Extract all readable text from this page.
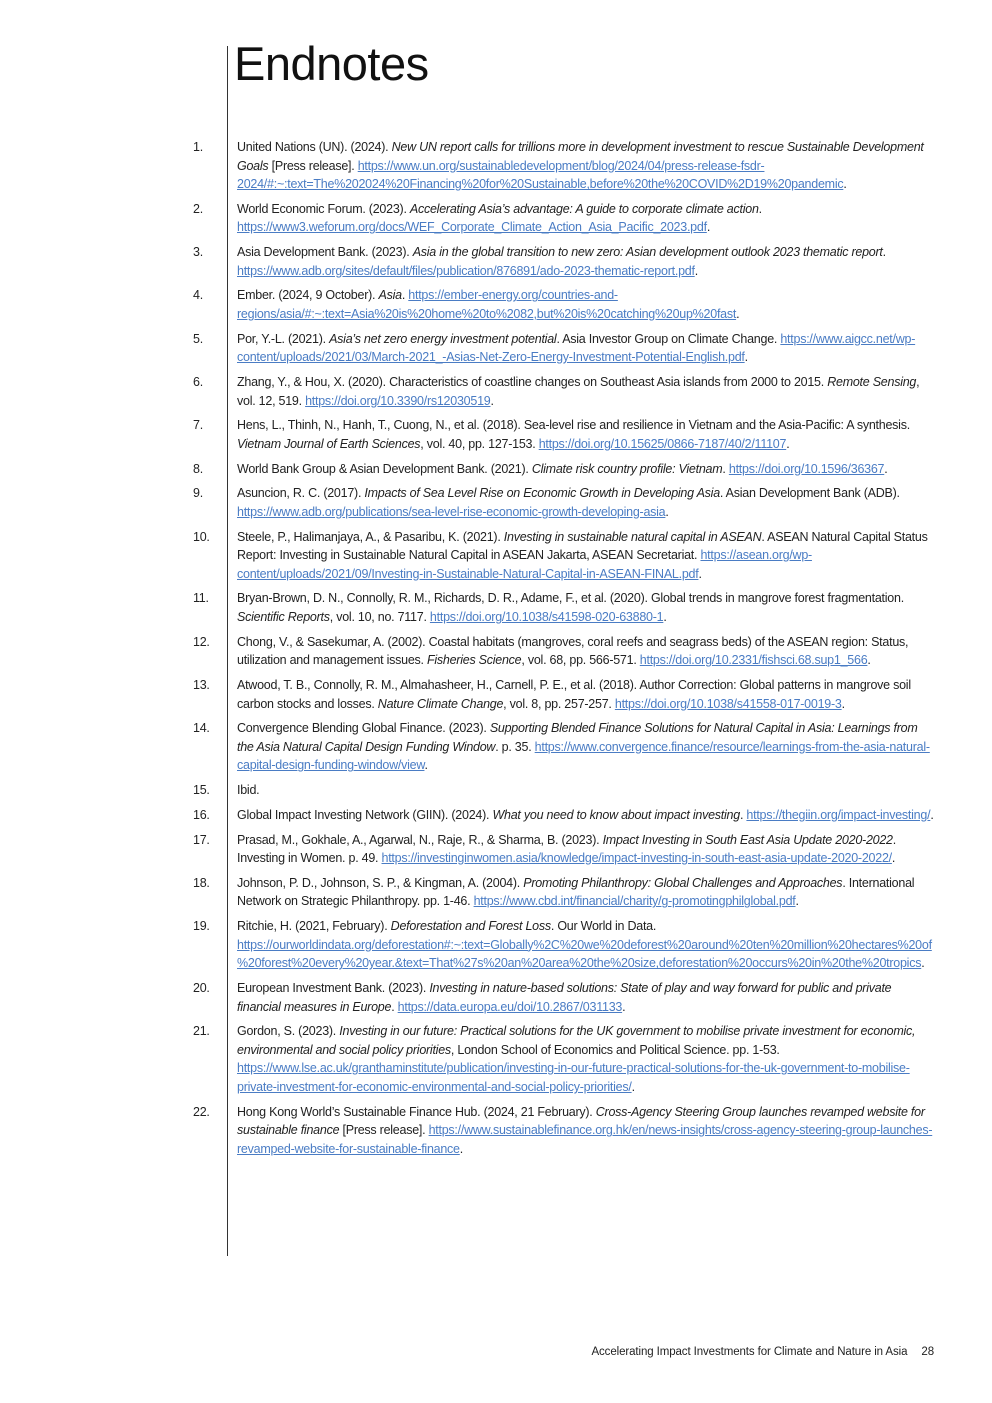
Endnotes
1.	United Nations (UN). (2024). New UN report calls for trillions more in development investment to rescue Sustainable Development Goals [Press release]. https://www.un.org/sustainabledevelopment/blog/2024/04/press-release-fsdr-2024/#:~:text=The%202024%20Financing%20for%20Sustainable,before%20the%20COVID%2D19%20pandemic.
2.	World Economic Forum. (2023). Accelerating Asia’s advantage: A guide to corporate climate action. https://www3.weforum.org/docs/WEF_Corporate_Climate_Action_Asia_Pacific_2023.pdf.
3.	Asia Development Bank. (2023). Asia in the global transition to new zero: Asian development outlook 2023 thematic report. https://www.adb.org/sites/default/files/publication/876891/ado-2023-thematic-report.pdf.
4.	Ember. (2024, 9 October). Asia. https://ember-energy.org/countries-and-regions/asia/#:~:text=Asia%20is%20home%20to%2082,but%20is%20catching%20up%20fast.
5.	Por, Y.-L. (2021). Asia’s net zero energy investment potential. Asia Investor Group on Climate Change. https://www.aigcc.net/wp-content/uploads/2021/03/March-2021_-Asias-Net-Zero-Energy-Investment-Potential-English.pdf.
6.	Zhang, Y., & Hou, X. (2020). Characteristics of coastline changes on Southeast Asia islands from 2000 to 2015. Remote Sensing, vol. 12, 519. https://doi.org/10.3390/rs12030519.
7.	Hens, L., Thinh, N., Hanh, T., Cuong, N., et al. (2018). Sea-level rise and resilience in Vietnam and the Asia-Pacific: A synthesis. Vietnam Journal of Earth Sciences, vol. 40, pp. 127-153. https://doi.org/10.15625/0866-7187/40/2/11107.
8.	World Bank Group & Asian Development Bank. (2021). Climate risk country profile: Vietnam. https://doi.org/10.1596/36367.
9.	Asuncion, R. C. (2017). Impacts of Sea Level Rise on Economic Growth in Developing Asia. Asian Development Bank (ADB). https://www.adb.org/publications/sea-level-rise-economic-growth-developing-asia.
10. Steele, P., Halimanjaya, A., & Pasaribu, K. (2021). Investing in sustainable natural capital in ASEAN. ASEAN Natural Capital Status Report: Investing in Sustainable Natural Capital in ASEAN Jakarta, ASEAN Secretariat. https://asean.org/wp-content/uploads/2021/09/Investing-in-Sustainable-Natural-Capital-in-ASEAN-FINAL.pdf.
11. Bryan-Brown, D. N., Connolly, R. M., Richards, D. R., Adame, F., et al. (2020). Global trends in mangrove forest fragmentation. Scientific Reports, vol. 10, no. 7117. https://doi.org/10.1038/s41598-020-63880-1.
12. Chong, V., & Sasekumar, A. (2002). Coastal habitats (mangroves, coral reefs and seagrass beds) of the ASEAN region: Status, utilization and management issues. Fisheries Science, vol. 68, pp. 566-571. https://doi.org/10.2331/fishsci.68.sup1_566.
13. Atwood, T. B., Connolly, R. M., Almahasheer, H., Carnell, P. E., et al. (2018). Author Correction: Global patterns in mangrove soil carbon stocks and losses. Nature Climate Change, vol. 8, pp. 257-257. https://doi.org/10.1038/s41558-017-0019-3.
14. Convergence Blending Global Finance. (2023). Supporting Blended Finance Solutions for Natural Capital in Asia: Learnings from the Asia Natural Capital Design Funding Window. p. 35. https://www.convergence.finance/resource/learnings-from-the-asia-natural-capital-design-funding-window/view.
15. Ibid.
16. Global Impact Investing Network (GIIN). (2024). What you need to know about impact investing. https://thegiin.org/impact-investing/.
17. Prasad, M., Gokhale, A., Agarwal, N., Raje, R., & Sharma, B. (2023). Impact Investing in South East Asia Update 2020-2022. Investing in Women. p. 49. https://investinginwomen.asia/knowledge/impact-investing-in-south-east-asia-update-2020-2022/.
18. Johnson, P. D., Johnson, S. P., & Kingman, A. (2004). Promoting Philanthropy: Global Challenges and Approaches. International Network on Strategic Philanthropy. pp. 1-46. https://www.cbd.int/financial/charity/g-promotingphilglobal.pdf.
19. Ritchie, H. (2021, February). Deforestation and Forest Loss. Our World in Data. https://ourworldindata.org/deforestation#:~:text=Globally%2C%20we%20deforest%20around%20ten%20million%20hectares%20of%20forest%20every%20year.&text=That%27s%20an%20area%20the%20size,deforestation%20occurs%20in%20the%20tropics.
20. European Investment Bank. (2023). Investing in nature-based solutions: State of play and way forward for public and private financial measures in Europe. https://data.europa.eu/doi/10.2867/031133.
21. Gordon, S. (2023). Investing in our future: Practical solutions for the UK government to mobilise private investment for economic, environmental and social policy priorities, London School of Economics and Political Science. pp. 1-53. https://www.lse.ac.uk/granthaminstitute/publication/investing-in-our-future-practical-solutions-for-the-uk-government-to-mobilise-private-investment-for-economic-environmental-and-social-policy-priorities/.
22. Hong Kong World’s Sustainable Finance Hub. (2024, 21 February). Cross-Agency Steering Group launches revamped website for sustainable finance [Press release]. https://www.sustainablefinance.org.hk/en/news-insights/cross-agency-steering-group-launches-revamped-website-for-sustainable-finance.
Accelerating Impact Investments for Climate and Nature in Asia 28
